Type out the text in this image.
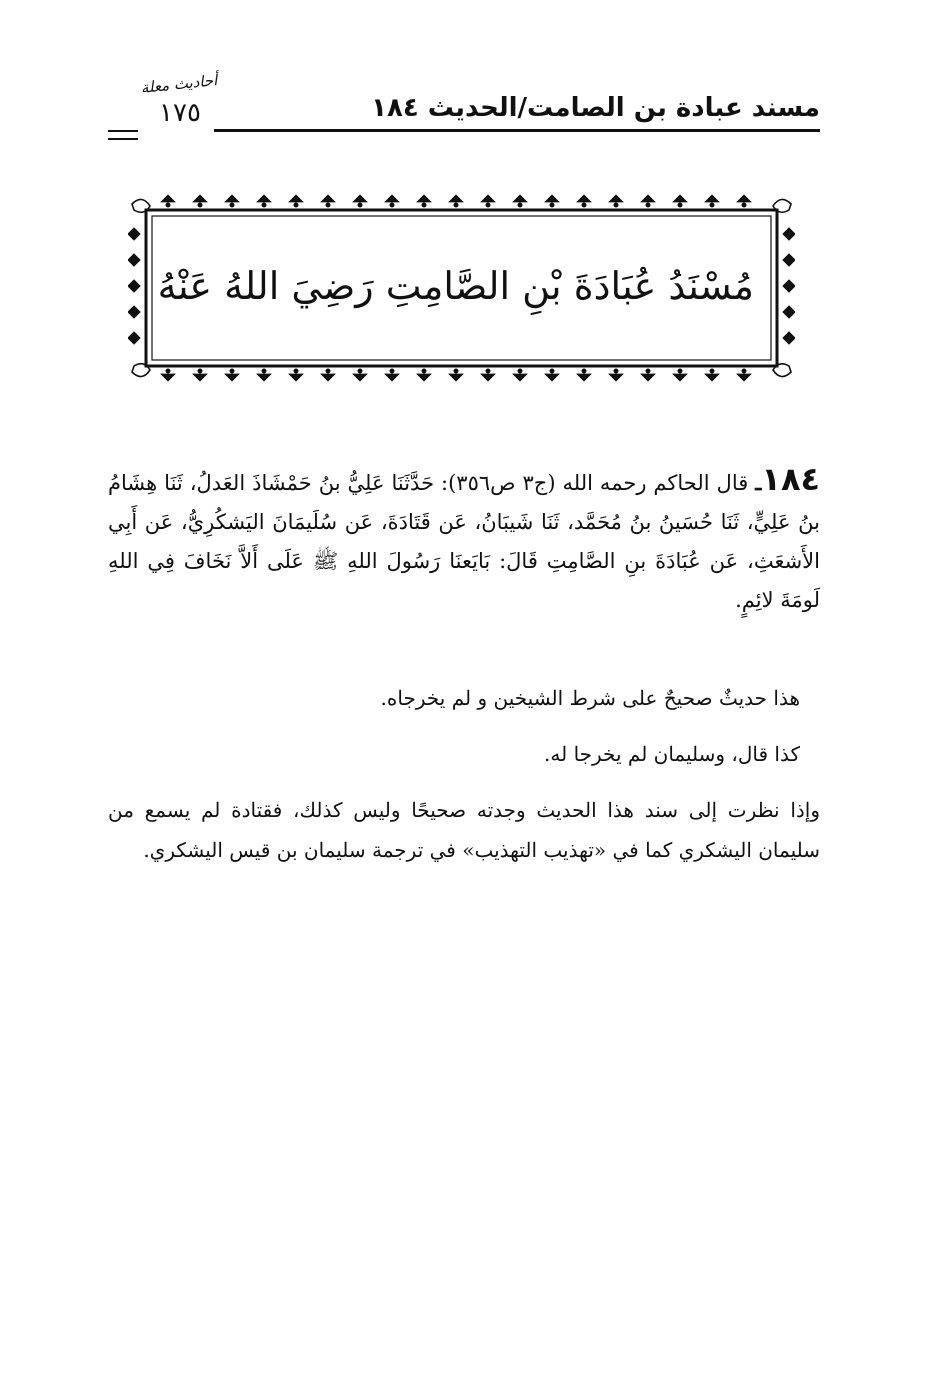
مسند عبادة بن الصامت/الحديث ١٨٤
أحاديث معلة
١٧٥
مُسْنَدُ عُبَادَةَ بْنِ الصَّامِتِ رَضِيَ اللهُ عَنْهُ
١٨٤ـ قال الحاكم رحمه الله (ج٣ ص٣٥٦): حَدَّثَنَا عَلِيُّ بنُ حَمْشَاذَ العَدلُ، ثَنَا هِشَامُ بنُ عَلِيٍّ، ثَنَا حُسَينُ بنُ مُحَمَّد، ثَنَا شَيبَانُ، عَن قَتَادَةَ، عَن سُلَيمَانَ اليَشكُرِيُّ، عَن أَبِي الأَشعَثِ، عَن عُبَادَةَ بنِ الصَّامِتِ قَالَ: بَايَعنَا رَسُولَ اللهِ ﷺ عَلَى أَلاَّ نَخَافَ فِي اللهِ لَومَةَ لائِمٍ.
هذا حديثٌ صحيحٌ على شرط الشيخين و لم يخرجاه.
كذا قال، وسليمان لم يخرجا له.
وإذا نظرت إلى سند هذا الحديث وجدته صحيحًا وليس كذلك، فقتادة لم يسمع من سليمان اليشكري كما في «تهذيب التهذيب» في ترجمة سليمان بن قيس اليشكري.
